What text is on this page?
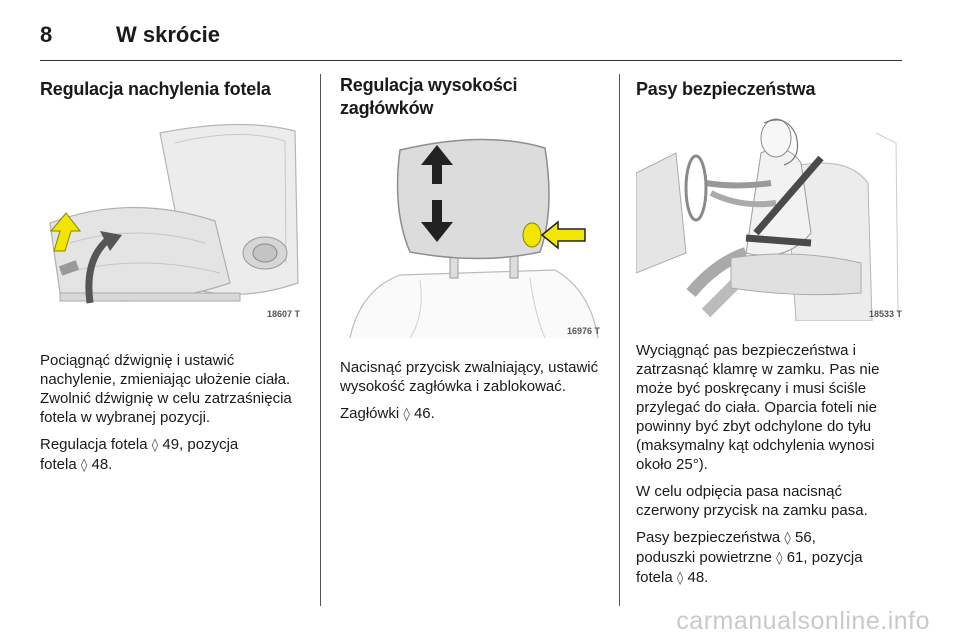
8	W skrócie
Regulacja nachylenia fotela
18607 T

Pociągnąć dźwignię i ustawić nachylenie, zmieniając ułożenie ciała. Zwolnić dźwignię w celu zatrzaśnięcia fotela w wybranej pozycji.

Regulacja fotela ◊ 49, pozycja
fotela ◊ 48.

Regulacja wysokości zagłówków
16976 T

Nacisnąć przycisk zwalniający, ustawić wysokość zagłówka i zablokować.

Zagłówki ◊ 46.

Pasy bezpieczeństwa
18533 T

Wyciągnąć pas bezpieczeństwa i zatrzasnąć klamrę w zamku. Pas nie może być poskręcany i musi ściśle przylegać do ciała. Oparcia foteli nie powinny być zbyt odchylone do tyłu (maksymalny kąt odchylenia wynosi około 25°).

W celu odpięcia pasa nacisnąć czerwony przycisk na zamku pasa.

Pasy bezpieczeństwa ◊ 56,
poduszki powietrzne ◊ 61, pozycja
fotela ◊ 48.

carmanualsonline.info
